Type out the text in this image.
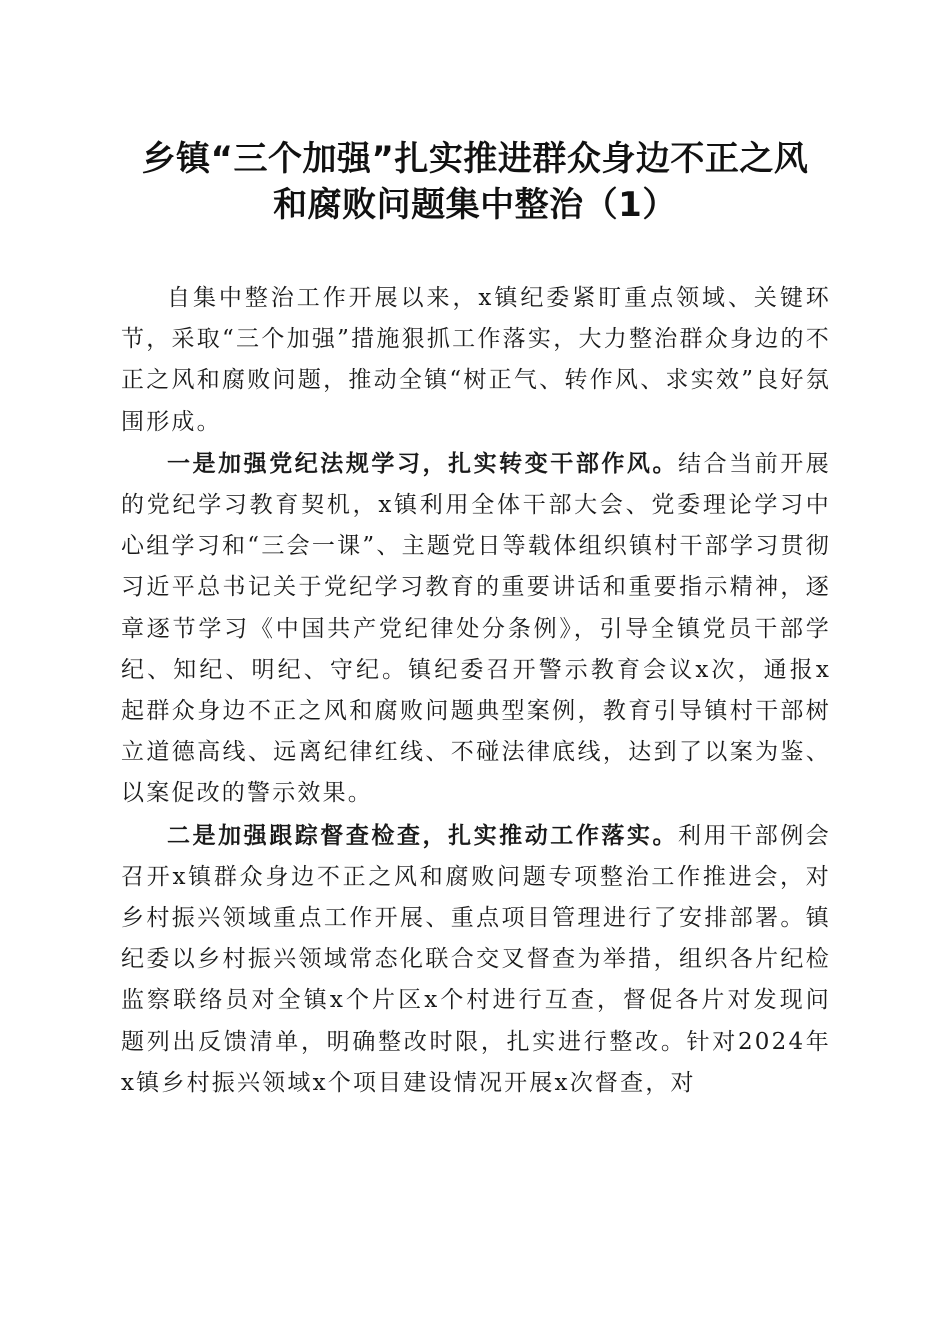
乡镇“三个加强”扎实推进群众身边不正之风
和腐败问题集中整治（1）

自集中整治工作开展以来，x镇纪委紧盯重点领域、关键环节，采取“三个加强”措施狠抓工作落实，大力整治群众身边的不正之风和腐败问题，推动全镇“树正气、转作风、求实效”良好氛围形成。

一是加强党纪法规学习，扎实转变干部作风。结合当前开展的党纪学习教育契机，x镇利用全体干部大会、党委理论学习中心组学习和“三会一课”、主题党日等载体组织镇村干部学习贯彻习近平总书记关于党纪学习教育的重要讲话和重要指示精神，逐章逐节学习《中国共产党纪律处分条例》，引导全镇党员干部学纪、知纪、明纪、守纪。镇纪委召开警示教育会议x次，通报x起群众身边不正之风和腐败问题典型案例，教育引导镇村干部树立道德高线、远离纪律红线、不碰法律底线，达到了以案为鉴、以案促改的警示效果。

二是加强跟踪督查检查，扎实推动工作落实。利用干部例会召开x镇群众身边不正之风和腐败问题专项整治工作推进会，对乡村振兴领域重点工作开展、重点项目管理进行了安排部署。镇纪委以乡村振兴领域常态化联合交叉督查为举措，组织各片纪检监察联络员对全镇x个片区x个村进行互查，督促各片对发现问题列出反馈清单，明确整改时限，扎实进行整改。针对2024年x镇乡村振兴领域x个项目建设情况开展x次督查，对
